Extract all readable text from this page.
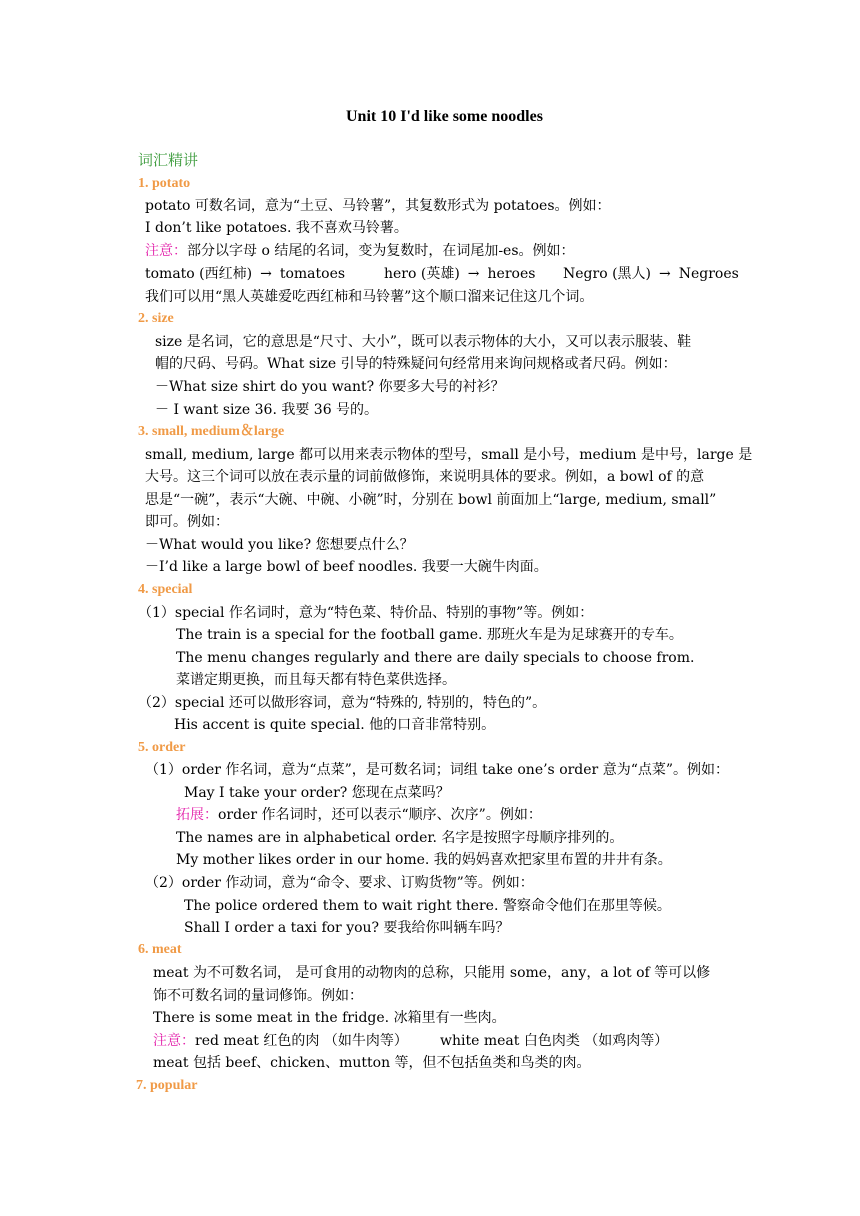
Unit 10 I'd like some noodles
词汇精讲
1. potato
potato 可数名词，意为“土豆、马铃薯”，其复数形式为 potatoes。例如：
I don’t like potatoes. 我不喜欢马铃薯。
注意：部分以字母 o 结尾的名词，变为复数时，在词尾加-es。例如：
tomato (西红柿) → tomatoes	hero (英雄) → heroes Negro (黑人) → Negroes
我们可以用“黑人英雄爱吃西红柿和马铃薯”这个顺口溜来记住这几个词。
2. size
size 是名词，它的意思是“尺寸、大小”，既可以表示物体的大小，又可以表示服装、鞋
帽的尺码、号码。What size 引导的特殊疑问句经常用来询问规格或者尺码。例如：
－What size shirt do you want? 你要多大号的衬衫？
－ I want size 36. 我要 36 号的。
3. small, medium＆large
small, medium, large 都可以用来表示物体的型号，small 是小号，medium 是中号，large 是
大号。这三个词可以放在表示量的词前做修饰，来说明具体的要求。例如，a bowl of 的意
思是“一碗”，表示“大碗、中碗、小碗”时，分别在 bowl 前面加上“large, medium, small”
即可。例如：
－What would you like? 您想要点什么？
－I’d like a large bowl of beef noodles. 我要一大碗牛肉面。
4. special
（1）special 作名词时，意为“特色菜、特价品、特别的事物”等。例如：
The train is a special for the football game. 那班火车是为足球赛开的专车。
The menu changes regularly and there are daily specials to choose from.
菜谱定期更换，而且每天都有特色菜供选择。
（2）special 还可以做形容词，意为“特殊的, 特别的，特色的”。
His accent is quite special. 他的口音非常特别。
5. order
（1）order 作名词，意为“点菜”，是可数名词；词组 take one’s order 意为“点菜”。例如：
May I take your order? 您现在点菜吗？
拓展：order 作名词时，还可以表示“顺序、次序”。例如：
The names are in alphabetical order. 名字是按照字母顺序排列的。
My mother likes order in our home. 我的妈妈喜欢把家里布置的井井有条。
（2）order 作动词，意为“命令、要求、订购货物”等。例如：
The police ordered them to wait right there. 警察命令他们在那里等候。
Shall I order a taxi for you? 要我给你叫辆车吗？
6. meat
meat 为不可数名词， 是可食用的动物肉的总称，只能用 some，any，a lot of 等可以修
饰不可数名词的量词修饰。例如：
There is some meat in the fridge. 冰箱里有一些肉。
注意：red meat 红色的肉 （如牛肉等） white meat 白色肉类 （如鸡肉等）
meat 包括 beef、chicken、mutton 等，但不包括鱼类和鸟类的肉。
7. popular
